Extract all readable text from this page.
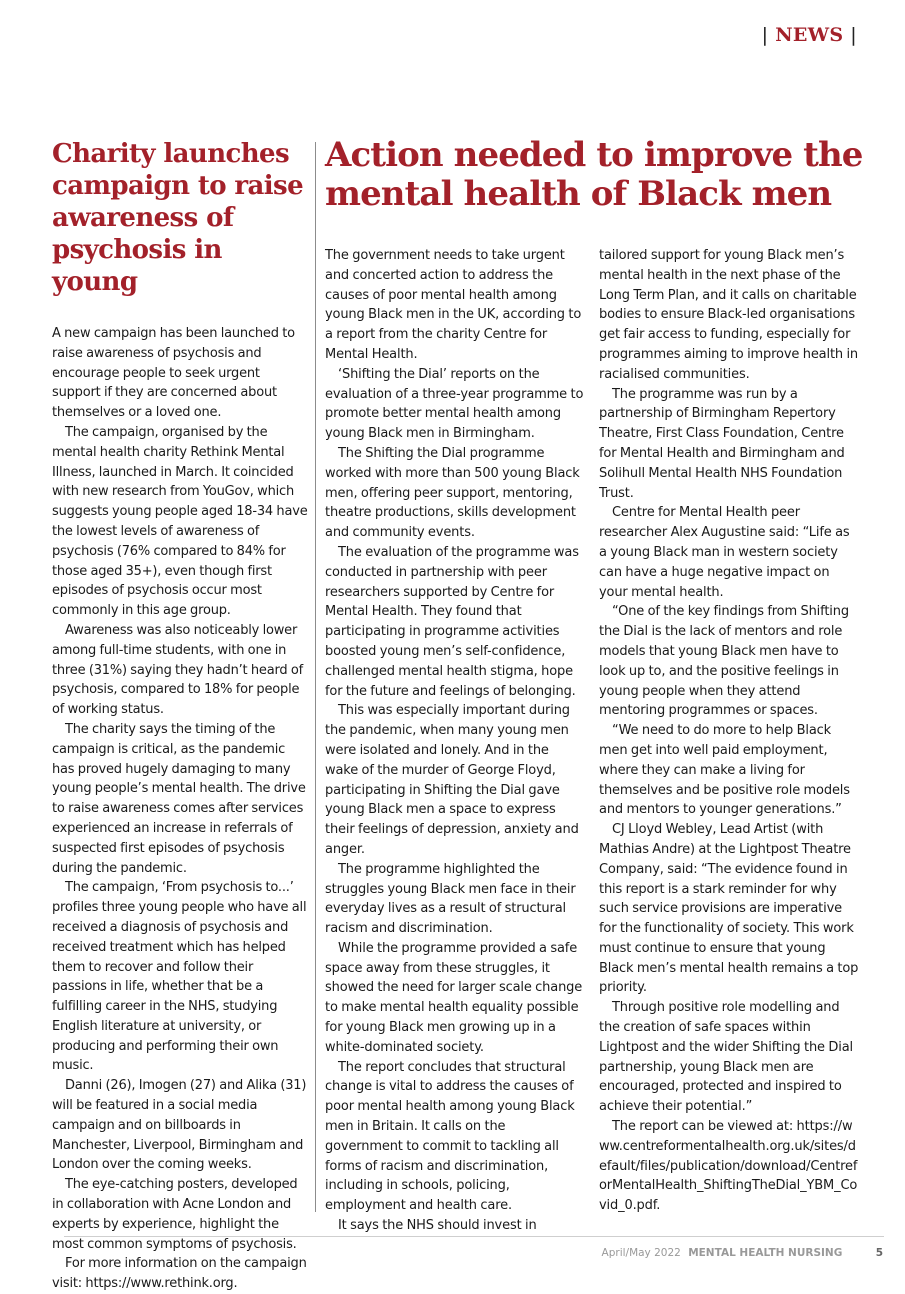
| NEWS |
Charity launches campaign to raise awareness of psychosis in young

A new campaign has been launched to raise awareness of psychosis and encourage people to seek urgent support if they are concerned about themselves or a loved one.

The campaign, organised by the mental health charity Rethink Mental Illness, launched in March. It coincided with new research from YouGov, which suggests young people aged 18-34 have the lowest levels of awareness of psychosis (76% compared to 84% for those aged 35+), even though first episodes of psychosis occur most commonly in this age group.

Awareness was also noticeably lower among full-time students, with one in three (31%) saying they hadn’t heard of psychosis, compared to 18% for people of working status.

The charity says the timing of the campaign is critical, as the pandemic has proved hugely damaging to many young people’s mental health. The drive to raise awareness comes after services experienced an increase in referrals of suspected first episodes of psychosis during the pandemic.

The campaign, ‘From psychosis to...’ profiles three young people who have all received a diagnosis of psychosis and received treatment which has helped them to recover and follow their passions in life, whether that be a fulfilling career in the NHS, studying English literature at university, or producing and performing their own music.

Danni (26), Imogen (27) and Alika (31) will be featured in a social media campaign and on billboards in Manchester, Liverpool, Birmingham and London over the coming weeks.

The eye-catching posters, developed in collaboration with Acne London and experts by experience, highlight the most common symptoms of psychosis.

For more information on the campaign visit: https://www.rethink.org.

Action needed to improve the mental health of Black men

The government needs to take urgent and concerted action to address the causes of poor mental health among young Black men in the UK, according to a report from the charity Centre for Mental Health.

‘Shifting the Dial’ reports on the evaluation of a three-year programme to promote better mental health among young Black men in Birmingham.

The Shifting the Dial programme worked with more than 500 young Black men, offering peer support, mentoring, theatre productions, skills development and community events.

The evaluation of the programme was conducted in partnership with peer researchers supported by Centre for Mental Health. They found that participating in programme activities boosted young men’s self-confidence, challenged mental health stigma, hope for the future and feelings of belonging.

This was especially important during the pandemic, when many young men were isolated and lonely. And in the wake of the murder of George Floyd, participating in Shifting the Dial gave young Black men a space to express their feelings of depression, anxiety and anger.

The programme highlighted the struggles young Black men face in their everyday lives as a result of structural racism and discrimination.

While the programme provided a safe space away from these struggles, it showed the need for larger scale change to make mental health equality possible for young Black men growing up in a white-dominated society.

The report concludes that structural change is vital to address the causes of poor mental health among young Black men in Britain. It calls on the government to commit to tackling all forms of racism and discrimination, including in schools, policing, employment and health care.

It says the NHS should invest in

tailored support for young Black men’s mental health in the next phase of the Long Term Plan, and it calls on charitable bodies to ensure Black-led organisations get fair access to funding, especially for programmes aiming to improve health in racialised communities.

The programme was run by a partnership of Birmingham Repertory Theatre, First Class Foundation, Centre for Mental Health and Birmingham and Solihull Mental Health NHS Foundation Trust.

Centre for Mental Health peer researcher Alex Augustine said: “Life as a young Black man in western society can have a huge negative impact on your mental health.

“One of the key findings from Shifting the Dial is the lack of mentors and role models that young Black men have to look up to, and the positive feelings in young people when they attend mentoring programmes or spaces.

“We need to do more to help Black men get into well paid employment, where they can make a living for themselves and be positive role models and mentors to younger generations.”

CJ Lloyd Webley, Lead Artist (with Mathias Andre) at the Lightpost Theatre Company, said: “The evidence found in this report is a stark reminder for why such service provisions are imperative for the functionality of society. This work must continue to ensure that young Black men’s mental health remains a top priority.

Through positive role modelling and the creation of safe spaces within Lightpost and the wider Shifting the Dial partnership, young Black men are encouraged, protected and inspired to achieve their potential.”

The report can be viewed at: https://www.centreformentalhealth.org.uk/sites/default/files/publication/download/CentreforMentalHealth_ShiftingTheDial_YBM_Covid_0.pdf.

April/May 2022 MENTAL HEALTH NURSING	5
